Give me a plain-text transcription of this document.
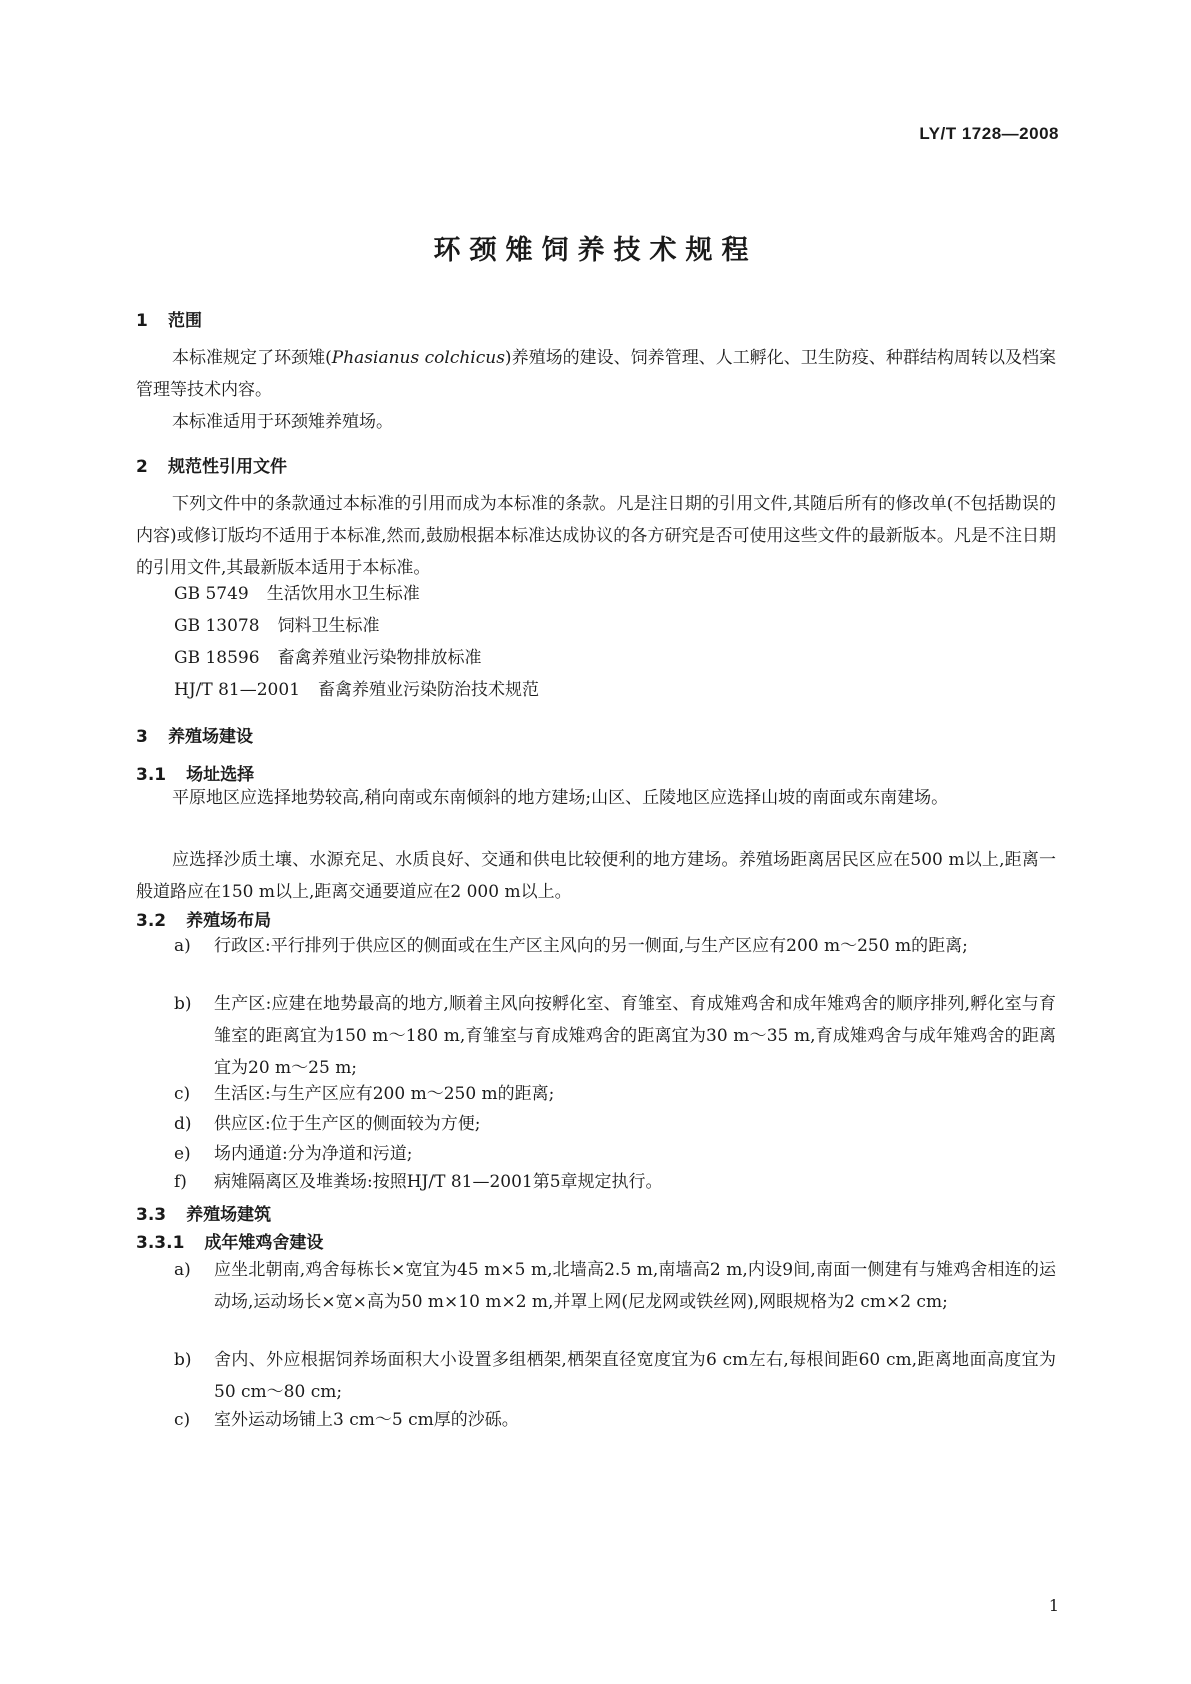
LY/T 1728—2008
环颈雉饲养技术规程
1 范围
本标准规定了环颈雉(Phasianus colchicus)养殖场的建设、饲养管理、人工孵化、卫生防疫、种群结构周转以及档案管理等技术内容。
本标准适用于环颈雉养殖场。
2 规范性引用文件
下列文件中的条款通过本标准的引用而成为本标准的条款。凡是注日期的引用文件,其随后所有的修改单(不包括勘误的内容)或修订版均不适用于本标准,然而,鼓励根据本标准达成协议的各方研究是否可使用这些文件的最新版本。凡是不注日期的引用文件,其最新版本适用于本标准。
GB 5749 生活饮用水卫生标准
GB 13078 饲料卫生标准
GB 18596 畜禽养殖业污染物排放标准
HJ/T 81—2001 畜禽养殖业污染防治技术规范
3 养殖场建设
3.1 场址选择
平原地区应选择地势较高,稍向南或东南倾斜的地方建场;山区、丘陵地区应选择山坡的南面或东南建场。
应选择沙质土壤、水源充足、水质良好、交通和供电比较便利的地方建场。养殖场距离居民区应在500 m以上,距离一般道路应在150 m以上,距离交通要道应在2 000 m以上。
3.2 养殖场布局
a) 行政区:平行排列于供应区的侧面或在生产区主风向的另一侧面,与生产区应有200 m～250 m的距离;
b) 生产区:应建在地势最高的地方,顺着主风向按孵化室、育雏室、育成雉鸡舍和成年雉鸡舍的顺序排列,孵化室与育雏室的距离宜为150 m～180 m,育雏室与育成雉鸡舍的距离宜为30 m～35 m,育成雉鸡舍与成年雉鸡舍的距离宜为20 m～25 m;
c) 生活区:与生产区应有200 m～250 m的距离;
d) 供应区:位于生产区的侧面较为方便;
e) 场内通道:分为净道和污道;
f) 病雉隔离区及堆粪场:按照HJ/T 81—2001第5章规定执行。
3.3 养殖场建筑
3.3.1 成年雉鸡舍建设
a) 应坐北朝南,鸡舍每栋长×宽宜为45 m×5 m,北墙高2.5 m,南墙高2 m,内设9间,南面一侧建有与雉鸡舍相连的运动场,运动场长×宽×高为50 m×10 m×2 m,并罩上网(尼龙网或铁丝网),网眼规格为2 cm×2 cm;
b) 舍内、外应根据饲养场面积大小设置多组栖架,栖架直径宽度宜为6 cm左右,每根间距60 cm,距离地面高度宜为50 cm～80 cm;
c) 室外运动场铺上3 cm～5 cm厚的沙砾。
1
